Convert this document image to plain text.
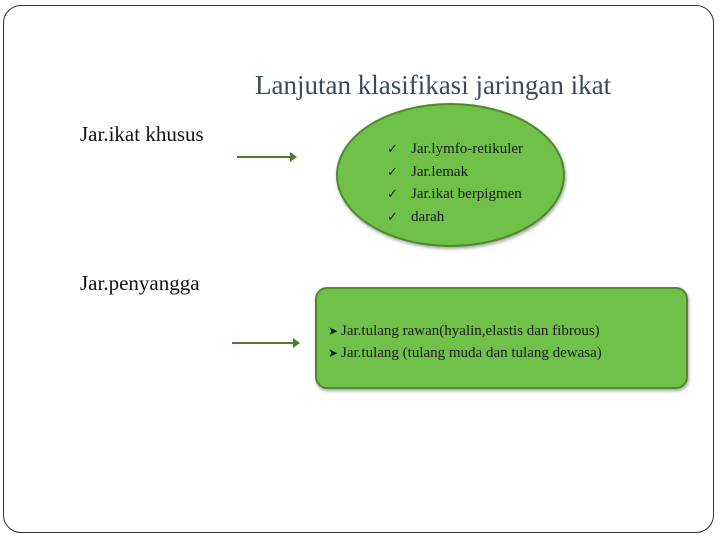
Lanjutan klasifikasi jaringan ikat
Jar.ikat khusus
✓ Jar.lymfo-retikuler
✓ Jar.lemak
✓ Jar.ikat berpigmen
✓ darah
Jar.penyangga
➤ Jar.tulang rawan(hyalin,elastis dan fibrous)
➤ Jar.tulang (tulang muda dan tulang dewasa)
